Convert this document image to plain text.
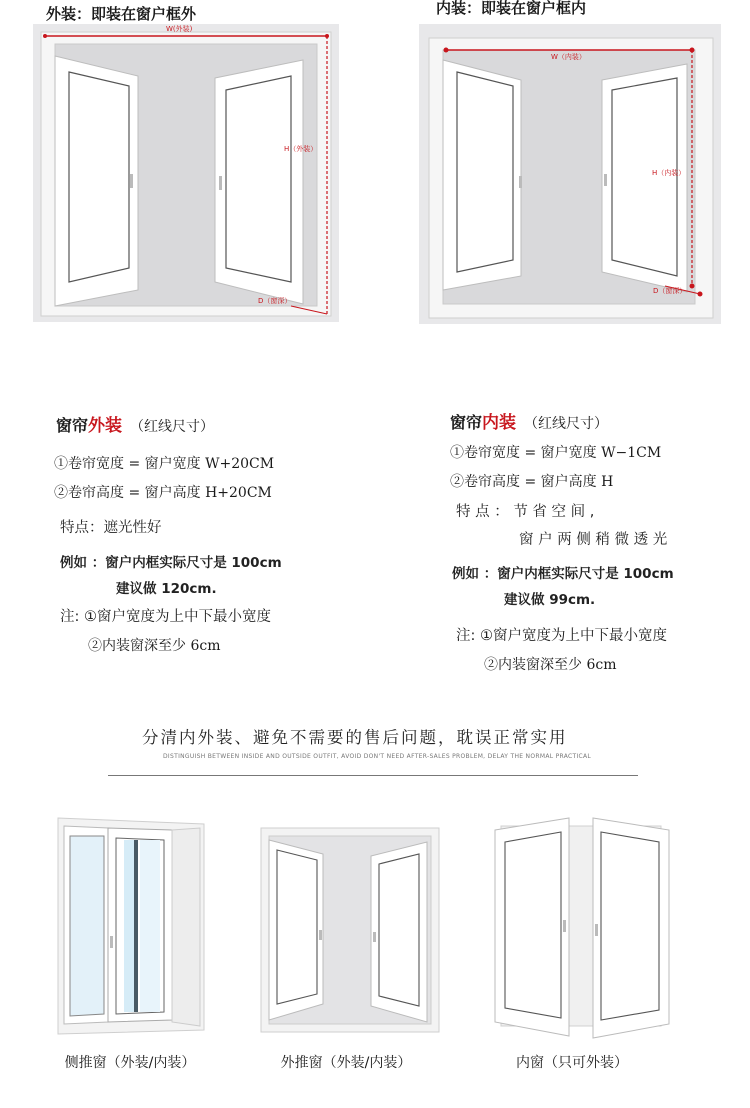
外装：即装在窗户框外
W(外装)
H（外装）
D（窗深）
内装：即装在窗户框内
W（内装）
H（内装）
D（窗深）
窗帘外装 （红线尺寸）
①卷帘宽度 = 窗户宽度 W+20CM
②卷帘高度 = 窗户高度 H+20CM
特点：遮光性好
例如 ：窗户内框实际尺寸是 100cm
建议做 120cm.
注: ①窗户宽度为上中下最小宽度
②内装窗深至少 6cm
窗帘内装 （红线尺寸）
①卷帘宽度 = 窗户宽度 W−1CM
②卷帘高度 = 窗户高度 H
特 点 ： 节 省 空 间 ,
窗 户 两 侧 稍 微 透 光
例如 ：窗户内框实际尺寸是 100cm
建议做 99cm.
注: ①窗户宽度为上中下最小宽度
②内装窗深至少 6cm
分清内外装、避免不需要的售后问题，耽误正常实用
DISTINGUISH BETWEEN INSIDE AND OUTSIDE OUTFIT, AVOID DON'T NEED AFTER-SALES PROBLEM, DELAY THE NORMAL PRACTICAL
侧推窗（外装/内装）	外推窗（外装/内装）	内窗（只可外装）
